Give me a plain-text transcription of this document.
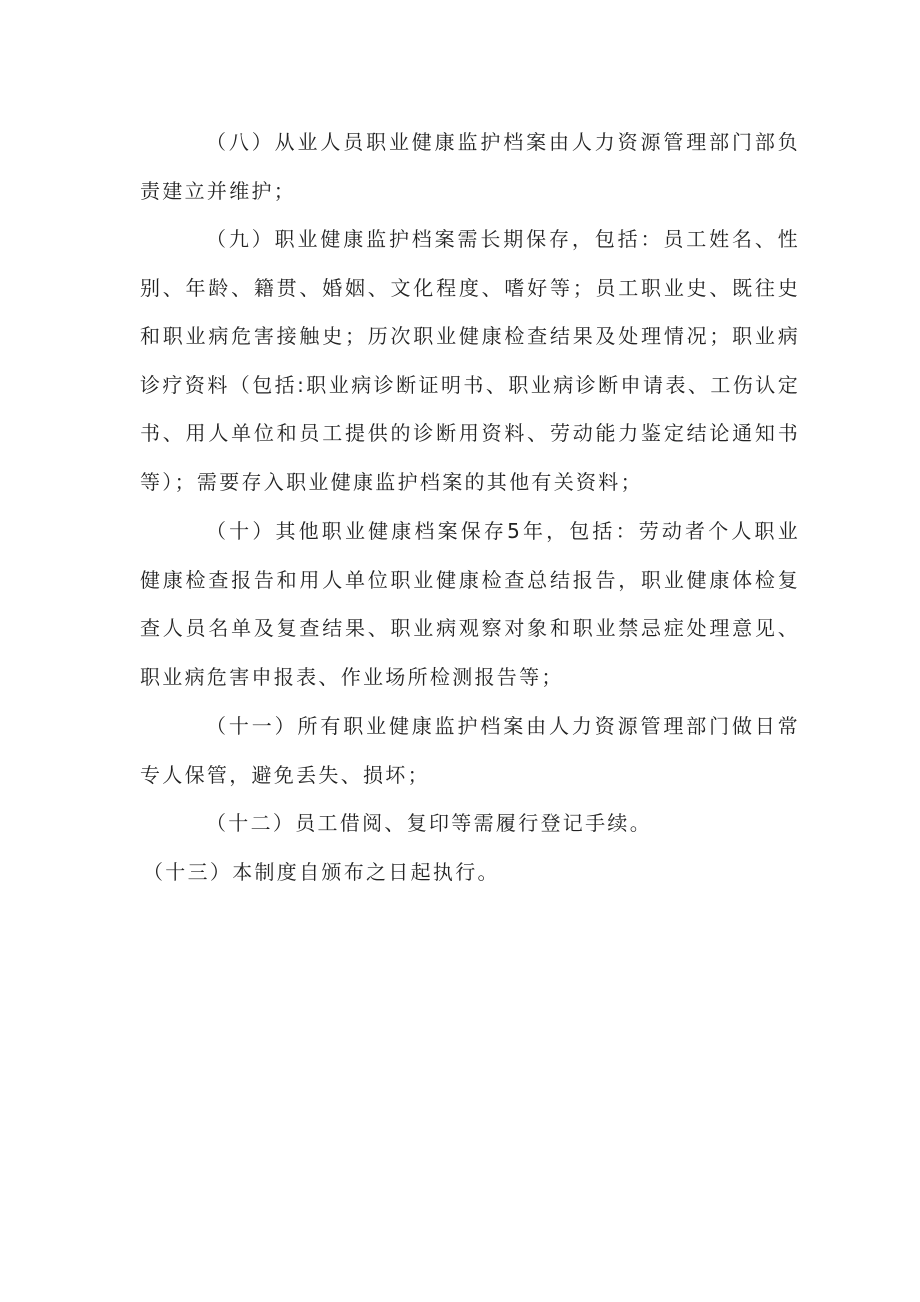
（八）从业人员职业健康监护档案由人力资源管理部门部负责建立并维护；

（九）职业健康监护档案需长期保存，包括：员工姓名、性别、年龄、籍贯、婚姻、文化程度、嗜好等；员工职业史、既往史和职业病危害接触史；历次职业健康检查结果及处理情况；职业病诊疗资料（包括:职业病诊断证明书、职业病诊断申请表、工伤认定书、用人单位和员工提供的诊断用资料、劳动能力鉴定结论通知书等）；需要存入职业健康监护档案的其他有关资料；

（十）其他职业健康档案保存5年，包括：劳动者个人职业健康检查报告和用人单位职业健康检查总结报告，职业健康体检复查人员名单及复查结果、职业病观察对象和职业禁忌症处理意见、职业病危害申报表、作业场所检测报告等；

（十一）所有职业健康监护档案由人力资源管理部门做日常专人保管，避免丢失、损坏；

（十二）员工借阅、复印等需履行登记手续。

（十三）本制度自颁布之日起执行。
